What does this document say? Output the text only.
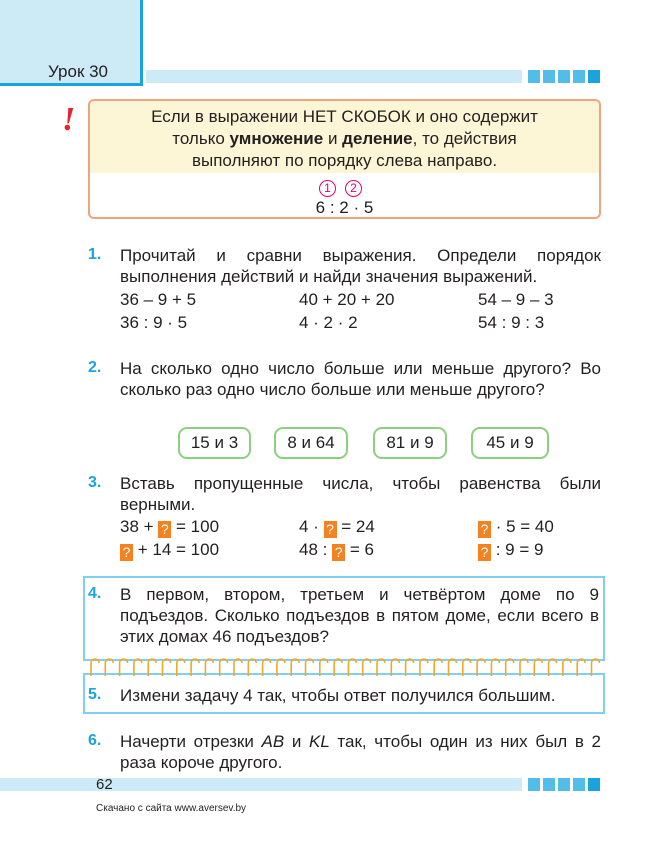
Урок 30
!	Если в выражении НЕТ СКОБОК и оно содержит
только умножение и деление, то действия
выполняют по порядку слева направо.
1	2
6 : 2 · 5
1. Прочитай и сравни выражения. Определи порядок выполнения действий и найди значения выражений.
36 – 9 + 5	40 + 20 + 20	54 – 9 – 3
36 : 9 · 5	4 · 2 · 2	54 : 9 : 3
2. На сколько одно число больше или меньше другого? Во сколько раз одно число больше или меньше другого?
15 и 3	8 и 64	81 и 9	45 и 9
3. Вставь пропущенные числа, чтобы равенства были верными.
38 + ? = 100	4 · ? = 24	? · 5 = 40
? + 14 = 100	48 : ? = 6	? : 9 = 9
4. В первом, втором, третьем и четвёртом доме по 9 подъездов. Сколько подъездов в пятом доме, если всего в этих домах 46 подъездов?
5. Измени задачу 4 так, чтобы ответ получился большим.
6. Начерти отрезки AB и KL так, чтобы один из них был в 2 раза короче другого.
62
Скачано с сайта www.aversev.by
